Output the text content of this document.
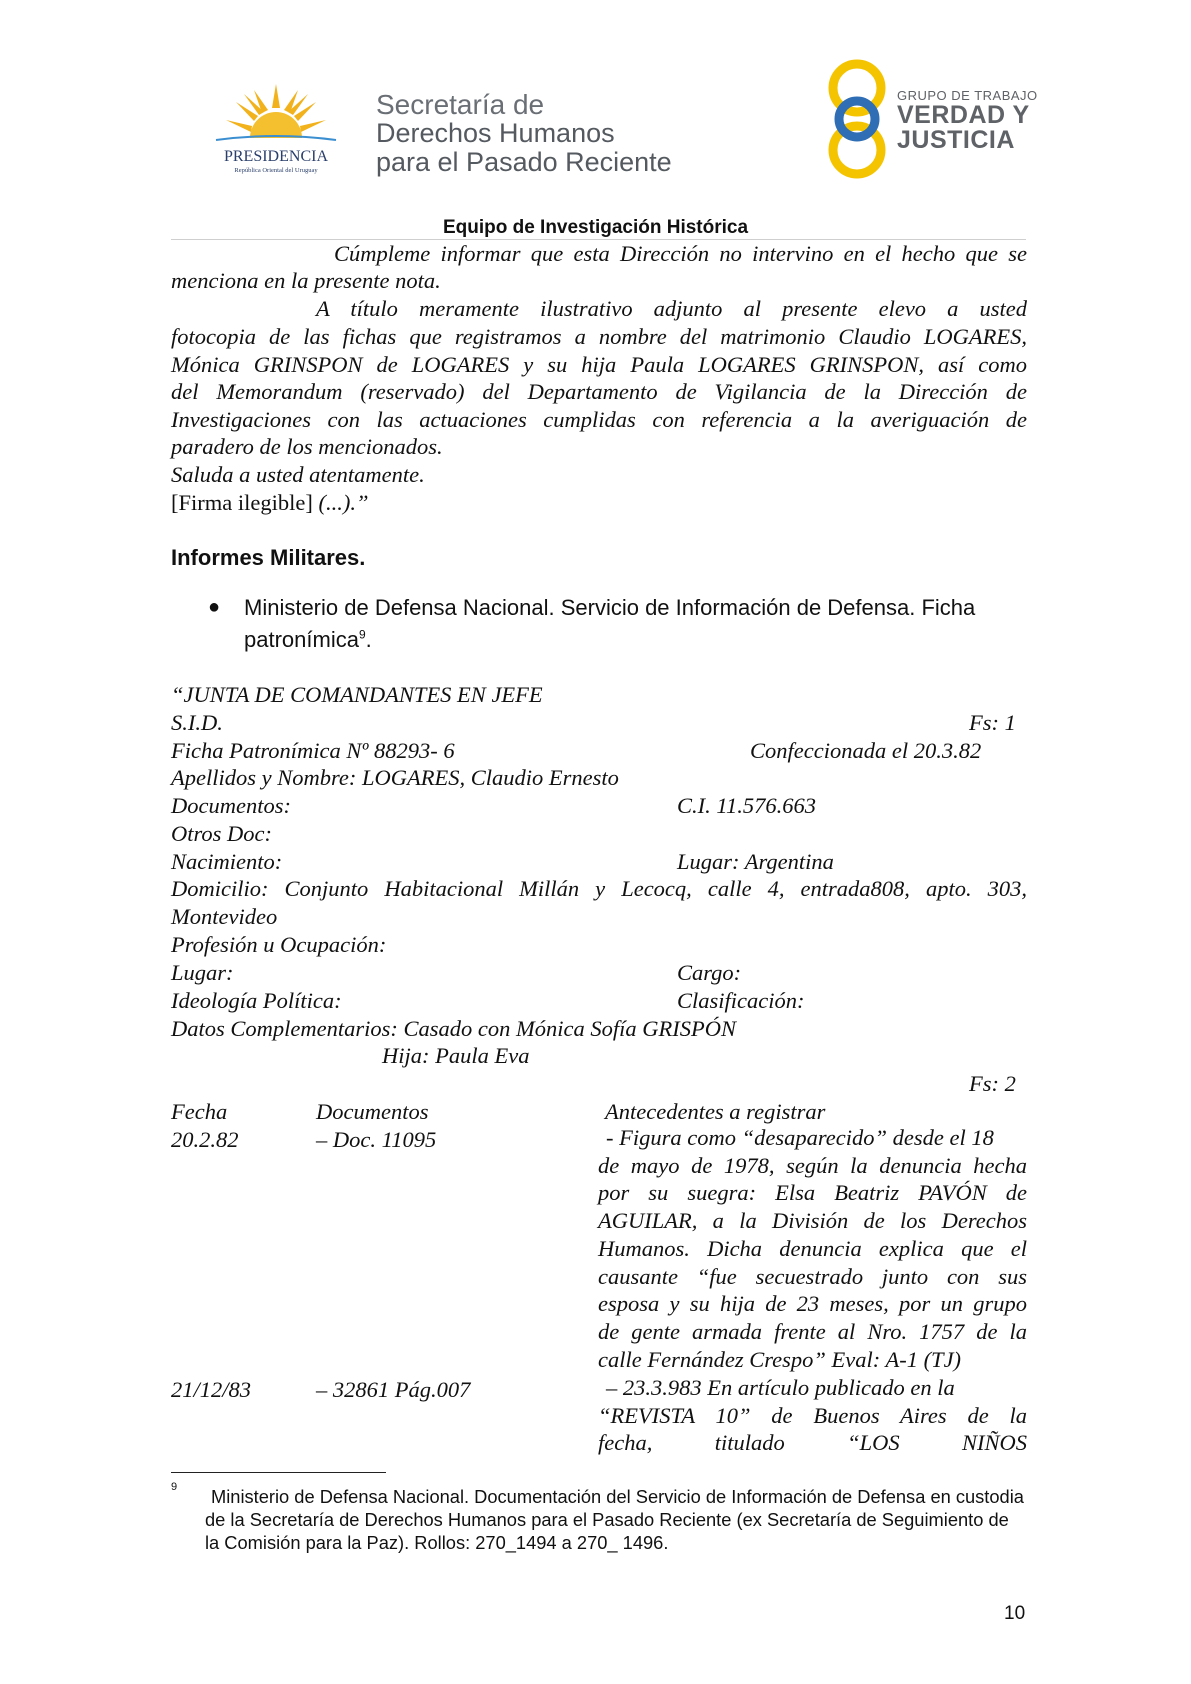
PRESIDENCIA
República Oriental del Uruguay
Secretaría de
Derechos Humanos
para el Pasado Reciente
GRUPO DE TRABAJO
VERDAD Y
JUSTICIA
Equipo de Investigación Histórica
Cúmpleme informar que esta Dirección no intervino en el hecho que se
menciona en la presente nota.
A título meramente ilustrativo adjunto al presente elevo a usted
fotocopia de las fichas que registramos a nombre del matrimonio Claudio LOGARES,
Mónica GRINSPON de LOGARES y su hija Paula LOGARES GRINSPON, así como
del Memorandum (reservado) del Departamento de Vigilancia de la Dirección de
Investigaciones con las actuaciones cumplidas con referencia a la averiguación de
paradero de los mencionados.
Saluda a usted atentamente.
[Firma ilegible] (...).”
Informes Militares.
● Ministerio de Defensa Nacional. Servicio de Información de Defensa. Ficha patronímica$^9$.
“JUNTA DE COMANDANTES EN JEFE
S.I.D.	Fs: 1
Ficha Patronímica Nº 88293- 6	Confeccionada el 20.3.82
Apellidos y Nombre: LOGARES, Claudio Ernesto
Documentos:	C.I. 11.576.663
Otros Doc:
Nacimiento:	Lugar: Argentina
Domicilio: Conjunto Habitacional Millán y Lecocq, calle 4, entrada808, apto. 303,
Montevideo
Profesión u Ocupación:
Lugar:	Cargo:
Ideología Política:	Clasificación:
Datos Complementarios: Casado con Mónica Sofía GRISPÓN
Hija: Paula Eva
Fs: 2
Fecha	Documentos	Antecedentes a registrar
20.2.82	– Doc. 11095	- Figura como “desaparecido” desde el 18
de mayo de 1978, según la denuncia hecha
por su suegra: Elsa Beatriz PAVÓN de
AGUILAR, a la División de los Derechos
Humanos. Dicha denuncia explica que el
causante “fue secuestrado junto con sus
esposa y su hija de 23 meses, por un grupo
de gente armada frente al Nro. 1757 de la
calle Fernández Crespo” Eval: A-1 (TJ)
21/12/83	– 32861 Pág.007	– 23.3.983 En artículo publicado en la
“REVISTA 10” de Buenos Aires de la
fecha, titulado “LOS NIÑOS
9	Ministerio de Defensa Nacional. Documentación del Servicio de Información de Defensa en custodia de la Secretaría de Derechos Humanos para el Pasado Reciente (ex Secretaría de Seguimiento de la Comisión para la Paz). Rollos: 270_1494 a 270_ 1496.
10
